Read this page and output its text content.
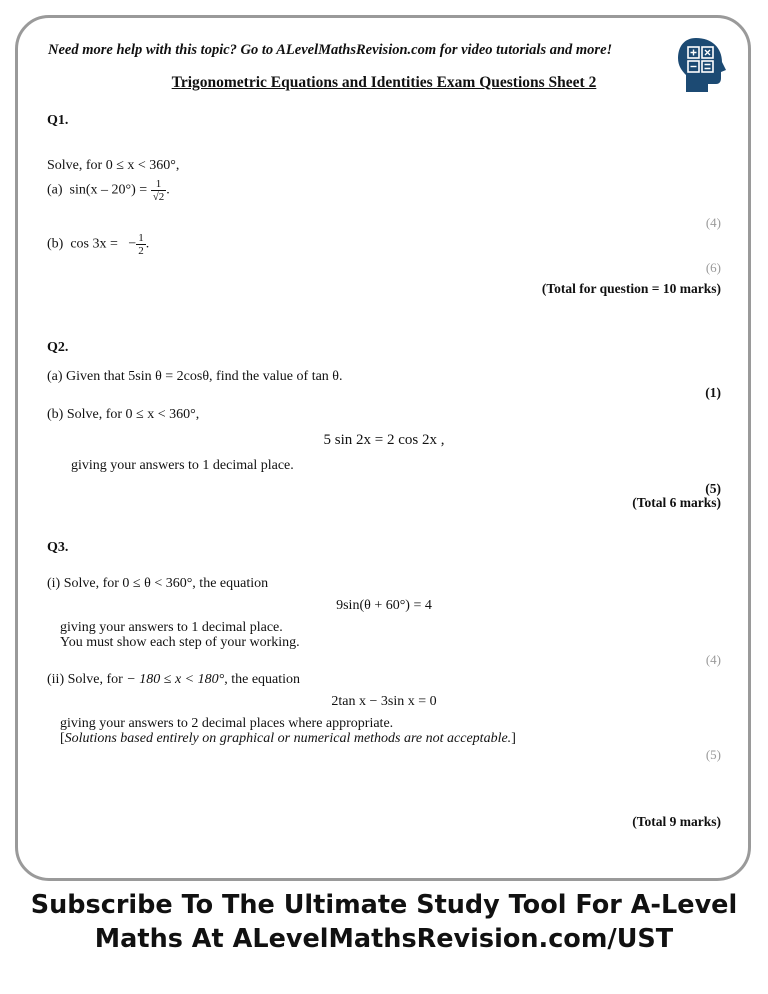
Need more help with this topic? Go to ALevelMathsRevision.com for video tutorials and more!
Trigonometric Equations and Identities Exam Questions Sheet 2
Q1.
Solve, for 0 ≤ x < 360°,
(a) $\sin(x - 20^\circ) = \frac{1}{√2}$ .
(4)
(b) cos 3x = − $\frac{1}{2}$ .
(6)
(Total for question = 10 marks)
Q2.
(a) Given that 5sin θ = 2cosθ, find the value of tan θ.
(1)
(b) Solve, for 0 ≤ x < 360°,
5 sin 2x = 2 cos 2x ,
giving your answers to 1 decimal place.
(5)
(Total 6 marks)
Q3.
(i) Solve, for 0 ≤ θ < 360°, the equation
9sin(θ + 60°) = 4
giving your answers to 1 decimal place.
You must show each step of your working.
(4)
(ii) Solve, for − 180 ≤ x < 180°, the equation
2tan x − 3sin x = 0
giving your answers to 2 decimal places where appropriate.
[Solutions based entirely on graphical or numerical methods are not acceptable.]
(5)
(Total 9 marks)
Subscribe To The Ultimate Study Tool For A-Level
Maths At ALevelMathsRevision.com/UST
